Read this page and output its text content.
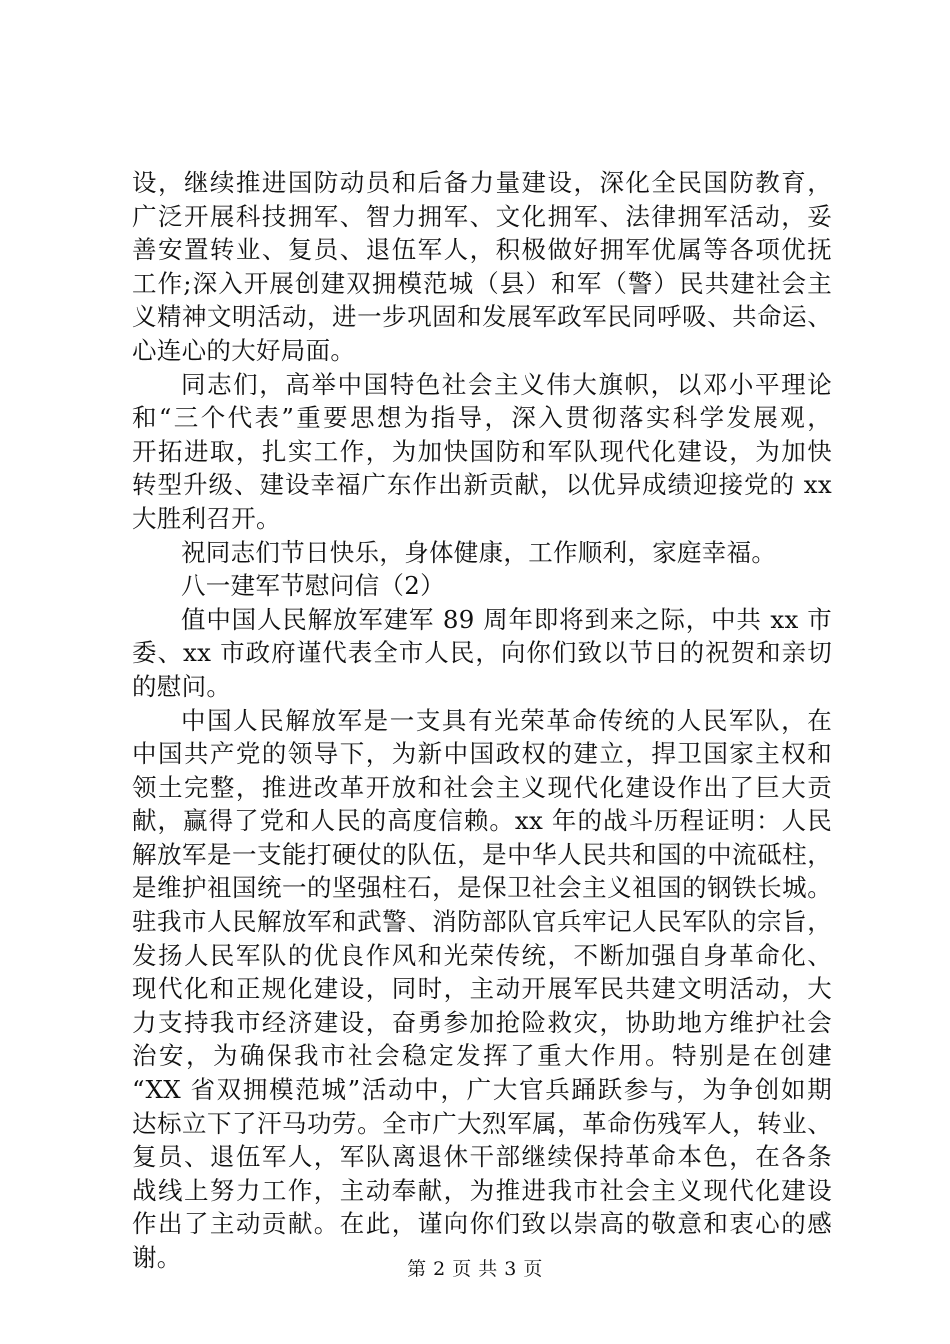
设，继续推进国防动员和后备力量建设，深化全民国防教育，
广泛开展科技拥军、智力拥军、文化拥军、法律拥军活动，妥
善安置转业、复员、退伍军人，积极做好拥军优属等各项优抚
工作;深入开展创建双拥模范城（县）和军（警）民共建社会主
义精神文明活动，进一步巩固和发展军政军民同呼吸、共命运、
心连心的大好局面。
同志们，高举中国特色社会主义伟大旗帜，以邓小平理论
和“三个代表”重要思想为指导，深入贯彻落实科学发展观，
开拓进取，扎实工作，为加快国防和军队现代化建设，为加快
转型升级、建设幸福广东作出新贡献，以优异成绩迎接党的 xx
大胜利召开。
祝同志们节日快乐，身体健康，工作顺利，家庭幸福。
八一建军节慰问信（2）
值中国人民解放军建军 89 周年即将到来之际，中共 xx 市
委、xx 市政府谨代表全市人民，向你们致以节日的祝贺和亲切
的慰问。
中国人民解放军是一支具有光荣革命传统的人民军队，在
中国共产党的领导下，为新中国政权的建立，捍卫国家主权和
领土完整，推进改革开放和社会主义现代化建设作出了巨大贡
献，赢得了党和人民的高度信赖。xx 年的战斗历程证明：人民
解放军是一支能打硬仗的队伍，是中华人民共和国的中流砥柱，
是维护祖国统一的坚强柱石，是保卫社会主义祖国的钢铁长城。
驻我市人民解放军和武警、消防部队官兵牢记人民军队的宗旨，
发扬人民军队的优良作风和光荣传统，不断加强自身革命化、
现代化和正规化建设，同时，主动开展军民共建文明活动，大
力支持我市经济建设，奋勇参加抢险救灾，协助地方维护社会
治安，为确保我市社会稳定发挥了重大作用。特别是在创建
“XX 省双拥模范城”活动中，广大官兵踊跃参与，为争创如期
达标立下了汗马功劳。全市广大烈军属，革命伤残军人，转业、
复员、退伍军人，军队离退休干部继续保持革命本色，在各条
战线上努力工作，主动奉献，为推进我市社会主义现代化建设
作出了主动贡献。在此，谨向你们致以崇高的敬意和衷心的感
谢。	第 2 页 共 3 页
